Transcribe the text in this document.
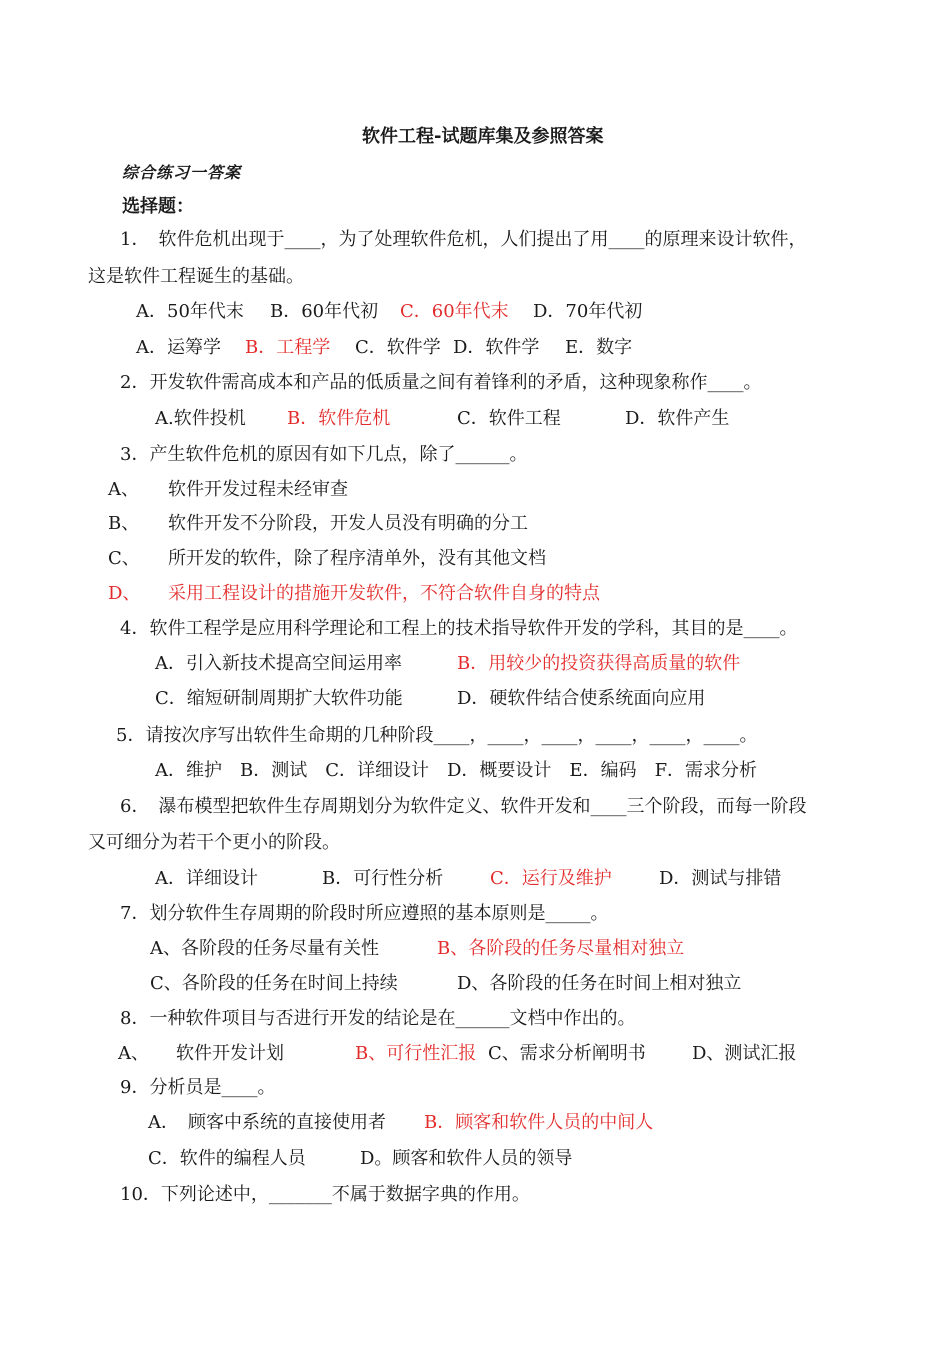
软件工程-试题库集及参照答案
综合练习一答案
选择题：
1．　软件危机出现于____，为了处理软件危机，人们提出了用____的原理来设计软件，
这是软件工程诞生的基础。
A．50年代末 B．60年代初 C．60年代末 D．70年代初
A．运筹学 B．工程学 C．软件学 D．软件学 E．数字
2．开发软件需高成本和产品的低质量之间有着锋利的矛盾，这种现象称作____。
A.软件投机 B．软件危机	C．软件工程	D．软件产生
3．产生软件危机的原因有如下几点，除了______。
A、 软件开发过程未经审查
B、 软件开发不分阶段，开发人员没有明确的分工
C、 所开发的软件，除了程序清单外，没有其他文档
D、 采用工程设计的措施开发软件，不符合软件自身的特点
4．软件工程学是应用科学理论和工程上的技术指导软件开发的学科，其目的是____。
A．引入新技术提高空间运用率	B．用较少的投资获得高质量的软件
C．缩短研制周期扩大软件功能	D．硬软件结合使系统面向应用
5．请按次序写出软件生命期的几种阶段____，____，____，____，____，____。
A．维护　B．测试　C．详细设计　D．概要设计　E．编码　F．需求分析
6．　瀑布模型把软件生存周期划分为软件定义、软件开发和____三个阶段，而每一阶段
又可细分为若干个更小的阶段。
A．详细设计	B．可行性分析	C．运行及维护	D．测试与排错
7．划分软件生存周期的阶段时所应遵照的基本原则是_____。
A、各阶段的任务尽量有关性	B、各阶段的任务尽量相对独立
C、各阶段的任务在时间上持续	D、各阶段的任务在时间上相对独立
8．一种软件项目与否进行开发的结论是在______文档中作出的。
A、 软件开发计划	B、可行性汇报 C、需求分析阐明书	D、测试汇报
9．分析员是____。
A．　顾客中系统的直接使用者 B．顾客和软件人员的中间人
C．软件的编程人员	D。顾客和软件人员的领导
10．下列论述中，_______不属于数据字典的作用。
